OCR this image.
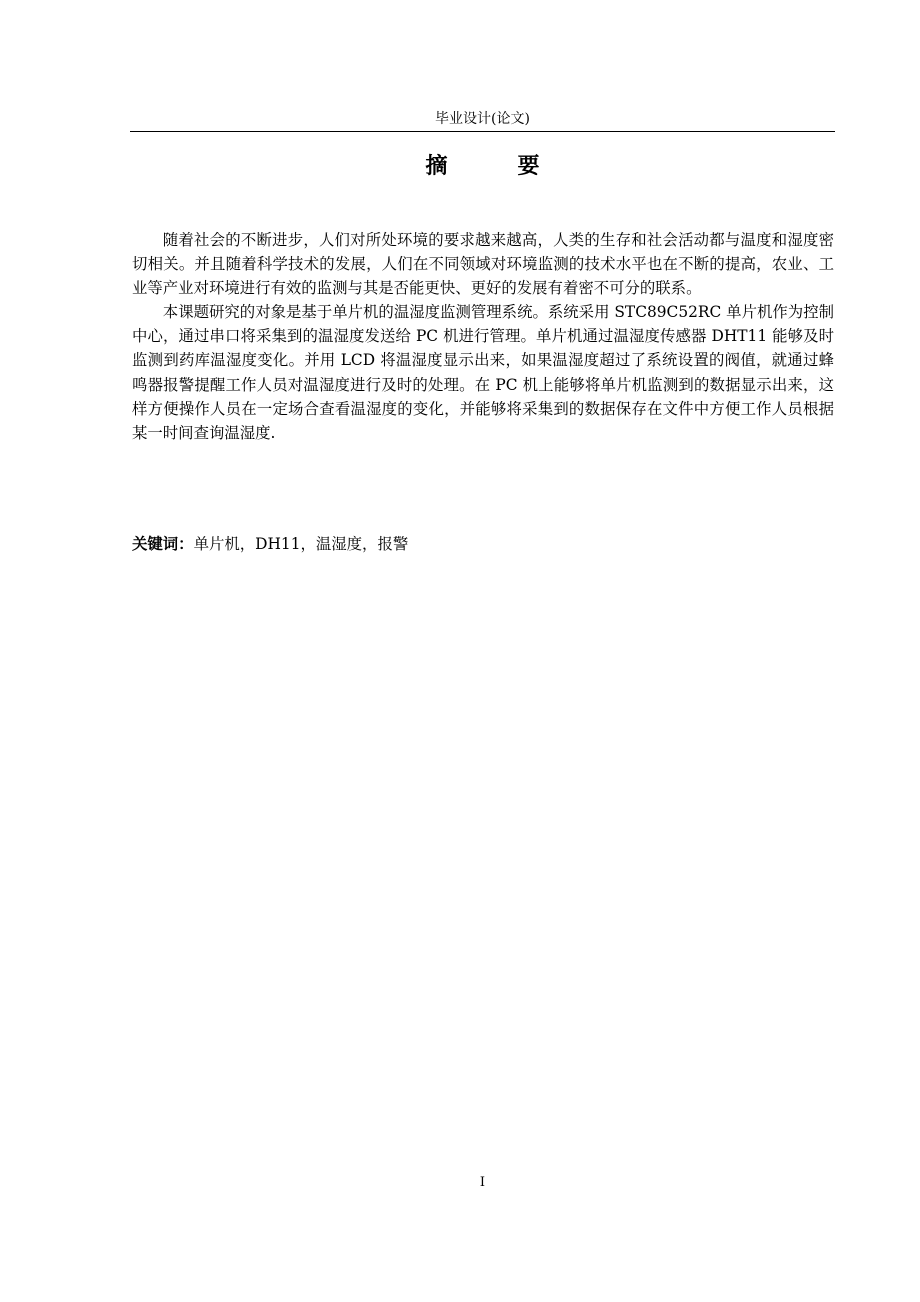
毕业设计(论文)
摘　要

随着社会的不断进步，人们对所处环境的要求越来越高，人类的生存和社会活动都与温度和湿度密切相关。并且随着科学技术的发展，人们在不同领域对环境监测的技术水平也在不断的提高，农业、工业等产业对环境进行有效的监测与其是否能更快、更好的发展有着密不可分的联系。

本课题研究的对象是基于单片机的温湿度监测管理系统。系统采用 STC89C52RC 单片机作为控制中心，通过串口将采集到的温湿度发送给 PC 机进行管理。单片机通过温湿度传感器 DHT11 能够及时监测到药库温湿度变化。并用 LCD 将温湿度显示出来，如果温湿度超过了系统设置的阀值，就通过蜂鸣器报警提醒工作人员对温湿度进行及时的处理。在 PC 机上能够将单片机监测到的数据显示出来，这样方便操作人员在一定场合查看温湿度的变化，并能够将采集到的数据保存在文件中方便工作人员根据某一时间查询温湿度.

关键词：单片机，DH11，温湿度，报警
I
